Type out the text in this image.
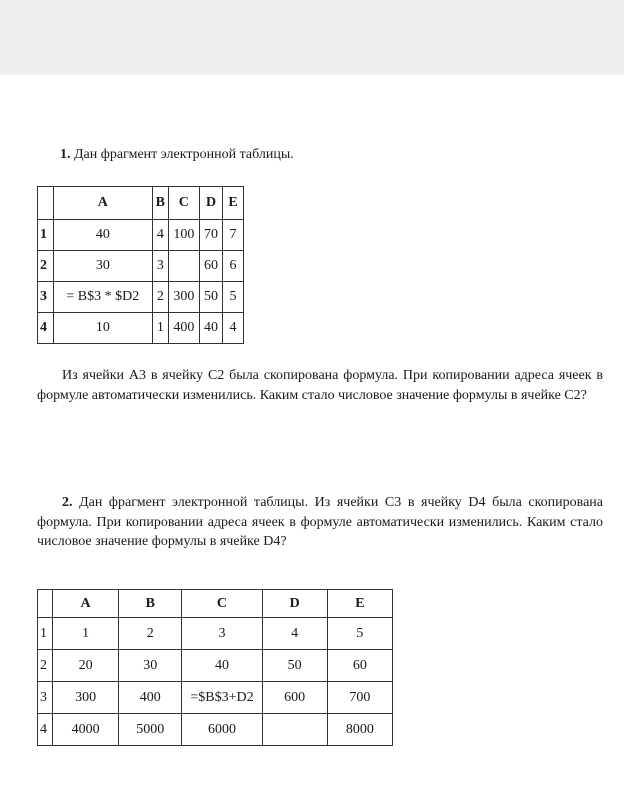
1. Дан фрагмент электронной таблицы.
	A	B	C	D	E
1	40	4	100	70	7
2	30	3		60	6
3	= B$3 * $D2	2	300	50	5
4	10	1	400	40	4
Из ячейки A3 в ячейку C2 была скопирована формула. При копировании адреса ячеек в формуле автоматически изменились. Каким стало числовое значение формулы в ячейке C2?
2. Дан фрагмент электронной таблицы. Из ячейки C3 в ячейку D4 была скопирована формула. При копировании адреса ячеек в формуле автоматически изменились. Каким стало числовое значение формулы в ячейке D4?
	A	B	C	D	E
1	1	2	3	4	5
2	20	30	40	50	60
3	300	400	=$B$3+D2	600	700
4	4000	5000	6000		8000
